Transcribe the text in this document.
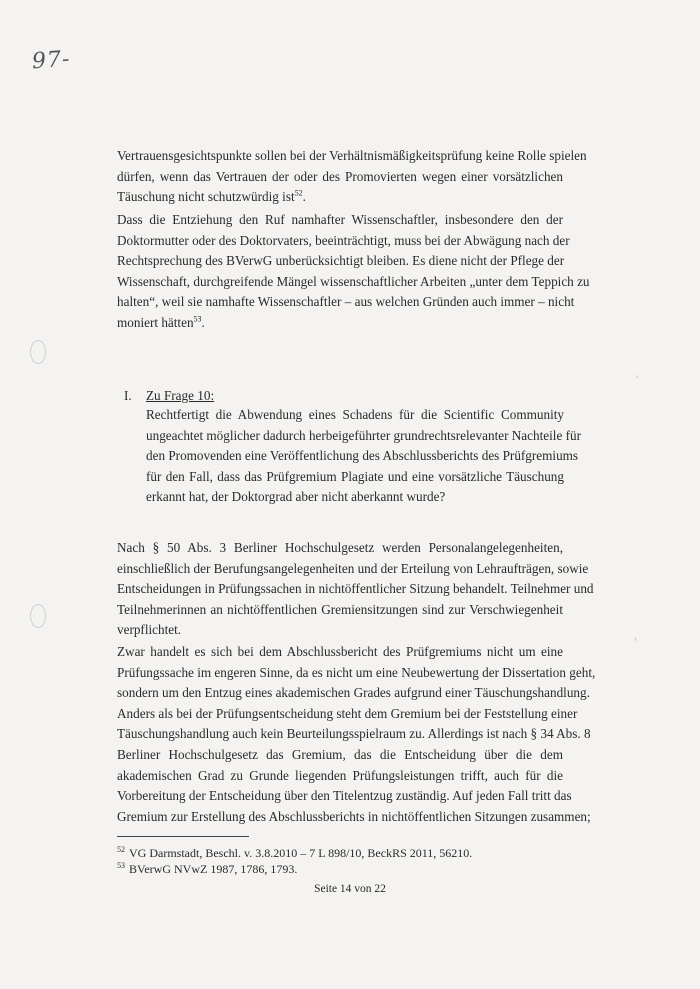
97-
Vertrauensgesichtspunkte sollen bei der Verhältnismäßigkeitsprüfung keine Rolle spielen
dürfen, wenn das Vertrauen der oder des Promovierten wegen einer vorsätzlichen
Täuschung nicht schutzwürdig ist$^{52}$.
Dass die Entziehung den Ruf namhafter Wissenschaftler, insbesondere den der
Doktormutter oder des Doktorvaters, beeinträchtigt, muss bei der Abwägung nach der
Rechtsprechung des BVerwG unberücksichtigt bleiben. Es diene nicht der Pflege der
Wissenschaft, durchgreifende Mängel wissenschaftlicher Arbeiten „unter dem Teppich zu
halten“, weil sie namhafte Wissenschaftler – aus welchen Gründen auch immer – nicht
moniert hätten$^{53}$.
I. Zu Frage 10:
Rechtfertigt die Abwendung eines Schadens für die Scientific Community
ungeachtet möglicher dadurch herbeigeführter grundrechtsrelevanter Nachteile für
den Promovenden eine Veröffentlichung des Abschlussberichts des Prüfgremiums
für den Fall, dass das Prüfgremium Plagiate und eine vorsätzliche Täuschung
erkannt hat, der Doktorgrad aber nicht aberkannt wurde?
Nach § 50 Abs. 3 Berliner Hochschulgesetz werden Personalangelegenheiten,
einschließlich der Berufungsangelegenheiten und der Erteilung von Lehraufträgen, sowie
Entscheidungen in Prüfungssachen in nichtöffentlicher Sitzung behandelt. Teilnehmer und
Teilnehmerinnen an nichtöffentlichen Gremiensitzungen sind zur Verschwiegenheit
verpflichtet.
Zwar handelt es sich bei dem Abschlussbericht des Prüfgremiums nicht um eine
Prüfungssache im engeren Sinne, da es nicht um eine Neubewertung der Dissertation geht,
sondern um den Entzug eines akademischen Grades aufgrund einer Täuschungshandlung.
Anders als bei der Prüfungsentscheidung steht dem Gremium bei der Feststellung einer
Täuschungshandlung auch kein Beurteilungsspielraum zu. Allerdings ist nach § 34 Abs. 8
Berliner Hochschulgesetz das Gremium, das die Entscheidung über die dem
akademischen Grad zu Grunde liegenden Prüfungsleistungen trifft, auch für die
Vorbereitung der Entscheidung über den Titelentzug zuständig. Auf jeden Fall tritt das
Gremium zur Erstellung des Abschlussberichts in nichtöffentlichen Sitzungen zusammen;
$^{52}$ VG Darmstadt, Beschl. v. 3.8.2010 – 7 L 898/10, BeckRS 2011, 56210.
$^{53}$ BVerwG NVwZ 1987, 1786, 1793.
Seite 14 von 22
'
,
